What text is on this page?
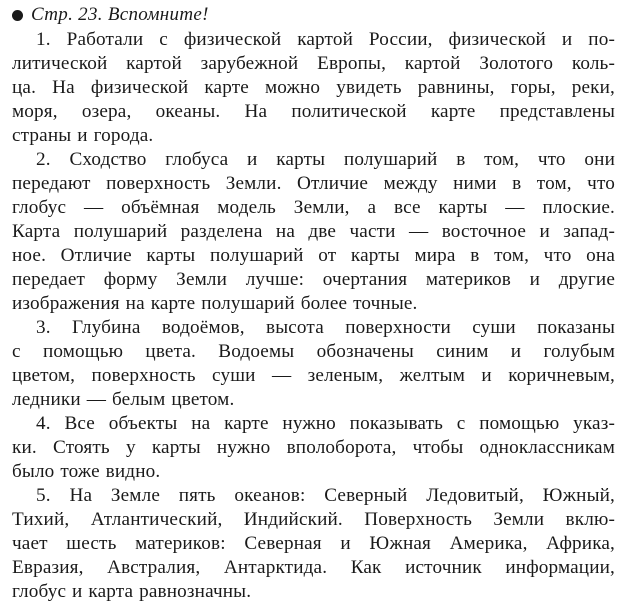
Стр. 23. Вспомните!

1. Работали с физической картой России, физической и по-
литической картой зарубежной Европы, картой Золотого коль-
ца. На физической карте можно увидеть равнины, горы, реки,
моря, озера, океаны. На политической карте представлены
страны и города.

2. Сходство глобуса и карты полушарий в том, что они
передают поверхность Земли. Отличие между ними в том, что
глобус — объёмная модель Земли, а все карты — плоские.
Карта полушарий разделена на две части — восточное и запад-
ное. Отличие карты полушарий от карты мира в том, что она
передает форму Земли лучше: очертания материков и другие
изображения на карте полушарий более точные.

3. Глубина водоёмов, высота поверхности суши показаны
с помощью цвета. Водоемы обозначены синим и голубым
цветом, поверхность суши — зеленым, желтым и коричневым,
ледники — белым цветом.

4. Все объекты на карте нужно показывать с помощью указ-
ки. Стоять у карты нужно вполоборота, чтобы одноклассникам
было тоже видно.

5. На Земле пять океанов: Северный Ледовитый, Южный,
Тихий, Атлантический, Индийский. Поверхность Земли вклю-
чает шесть материков: Северная и Южная Америка, Африка,
Евразия, Австралия, Антарктида. Как источник информации,
глобус и карта равнозначны.
